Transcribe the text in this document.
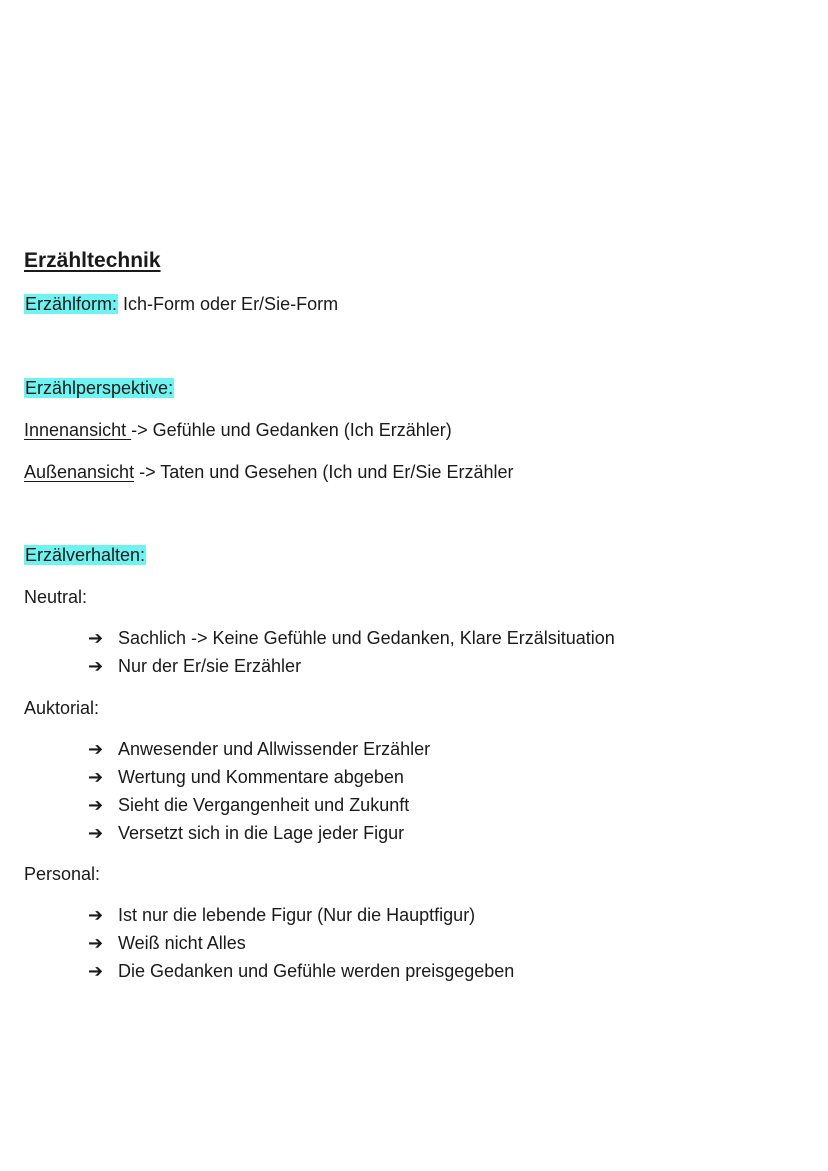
Erzähltechnik
Erzählform: Ich-Form oder Er/Sie-Form
Erzählperspektive:
Innenansicht -> Gefühle und Gedanken (Ich Erzähler)
Außenansicht -> Taten und Gesehen (Ich und Er/Sie Erzähler
Erzälverhalten:
Neutral:
➔ Sachlich -> Keine Gefühle und Gedanken, Klare Erzälsituation
➔ Nur der Er/sie Erzähler
Auktorial:
➔ Anwesender und Allwissender Erzähler
➔ Wertung und Kommentare abgeben
➔ Sieht die Vergangenheit und Zukunft
➔ Versetzt sich in die Lage jeder Figur
Personal:
➔ Ist nur die lebende Figur (Nur die Hauptfigur)
➔ Weiß nicht Alles
➔ Die Gedanken und Gefühle werden preisgegeben
